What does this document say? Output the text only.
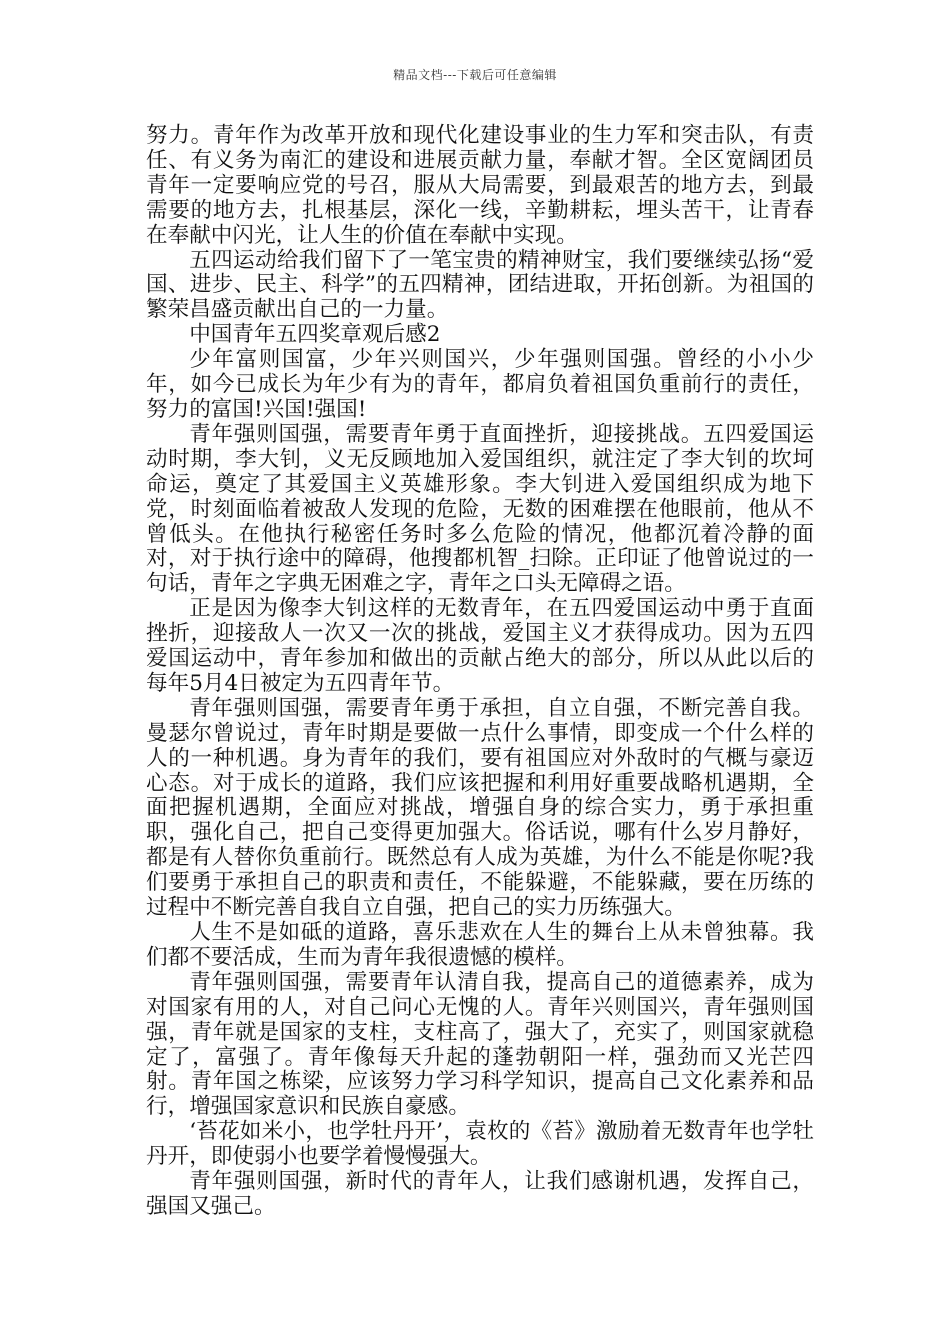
精品文档---下载后可任意编辑

努力。青年作为改革开放和现代化建设事业的生力军和突击队，有责任、有义务为南汇的建设和进展贡献力量，奉献才智。全区宽阔团员青年一定要响应党的号召，服从大局需要，到最艰苦的地方去，到最需要的地方去，扎根基层，深化一线，辛勤耕耘，埋头苦干，让青春在奉献中闪光，让人生的价值在奉献中实现。

五四运动给我们留下了一笔宝贵的精神财宝，我们要继续弘扬“爱国、进步、民主、科学”的五四精神，团结进取，开拓创新。为祖国的繁荣昌盛贡献出自己的一力量。

中国青年五四奖章观后感2

少年富则国富，少年兴则国兴，少年强则国强。曾经的小小少年，如今已成长为年少有为的青年，都肩负着祖国负重前行的责任，努力的富国!兴国!强国!

青年强则国强，需要青年勇于直面挫折，迎接挑战。五四爱国运动时期，李大钊，义无反顾地加入爱国组织，就注定了李大钊的坎坷命运，奠定了其爱国主义英雄形象。李大钊进入爱国组织成为地下党，时刻面临着被敌人发现的危险，无数的困难摆在他眼前，他从不曾低头。在他执行秘密任务时多么危险的情况，他都沉着冷静的面对，对于执行途中的障碍，他搜都机智_扫除。正印证了他曾说过的一句话，青年之字典无困难之字，青年之口头无障碍之语。

正是因为像李大钊这样的无数青年，在五四爱国运动中勇于直面挫折，迎接敌人一次又一次的挑战，爱国主义才获得成功。因为五四爱国运动中，青年参加和做出的贡献占绝大的部分，所以从此以后的每年5月4日被定为五四青年节。

青年强则国强，需要青年勇于承担，自立自强，不断完善自我。曼瑟尔曾说过，青年时期是要做一点什么事情，即变成一个什么样的人的一种机遇。身为青年的我们，要有祖国应对外敌时的气概与豪迈心态。对于成长的道路，我们应该把握和利用好重要战略机遇期，全面把握机遇期，全面应对挑战，增强自身的综合实力，勇于承担重职，强化自己，把自己变得更加强大。俗话说，哪有什么岁月静好，都是有人替你负重前行。既然总有人成为英雄，为什么不能是你呢?我们要勇于承担自己的职责和责任，不能躲避，不能躲藏，要在历练的过程中不断完善自我自立自强，把自己的实力历练强大。

人生不是如砥的道路，喜乐悲欢在人生的舞台上从未曾独幕。我们都不要活成，生而为青年我很遗憾的模样。

青年强则国强，需要青年认清自我，提高自己的道德素养，成为对国家有用的人，对自己问心无愧的人。青年兴则国兴，青年强则国强，青年就是国家的支柱，支柱高了，强大了，充实了，则国家就稳定了，富强了。青年像每天升起的蓬勃朝阳一样，强劲而又光芒四射。青年国之栋梁，应该努力学习科学知识，提高自己文化素养和品行，增强国家意识和民族自豪感。

‘苔花如米小，也学牡丹开’，袁枚的《苔》激励着无数青年也学牡丹开，即使弱小也要学着慢慢强大。

青年强则国强，新时代的青年人，让我们感谢机遇，发挥自己，强国又强己。
